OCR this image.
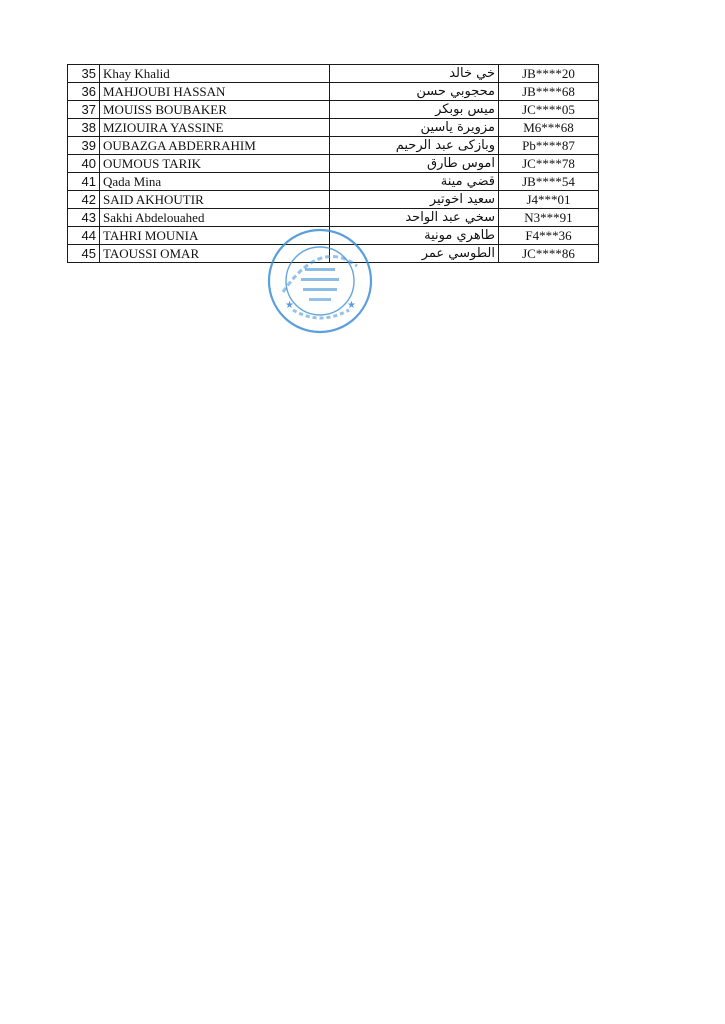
35	Khay Khalid	خي خالد	JB****20
36	MAHJOUBI HASSAN	محجوبي حسن	JB****68
37	MOUISS BOUBAKER	ميس بوبكر	JC****05
38	MZIOUIRA YASSINE	مزويرة ياسين	M6***68
39	OUBAZGA ABDERRAHIM	وبازكى عبد الرحيم	Pb****87
40	OUMOUS TARIK	اموس طارق	JC****78
41	Qada Mina	قضي مينة	JB****54
42	SAID AKHOUTIR	سعيد اخوتير	J4***01
43	Sakhi Abdelouahed	سخي عبد الواحد	N3***91
44	TAHRI MOUNIA	طاهري مونية	F4***36
45	TAOUSSI OMAR	الطوسي عمر	JC****86
★	★
